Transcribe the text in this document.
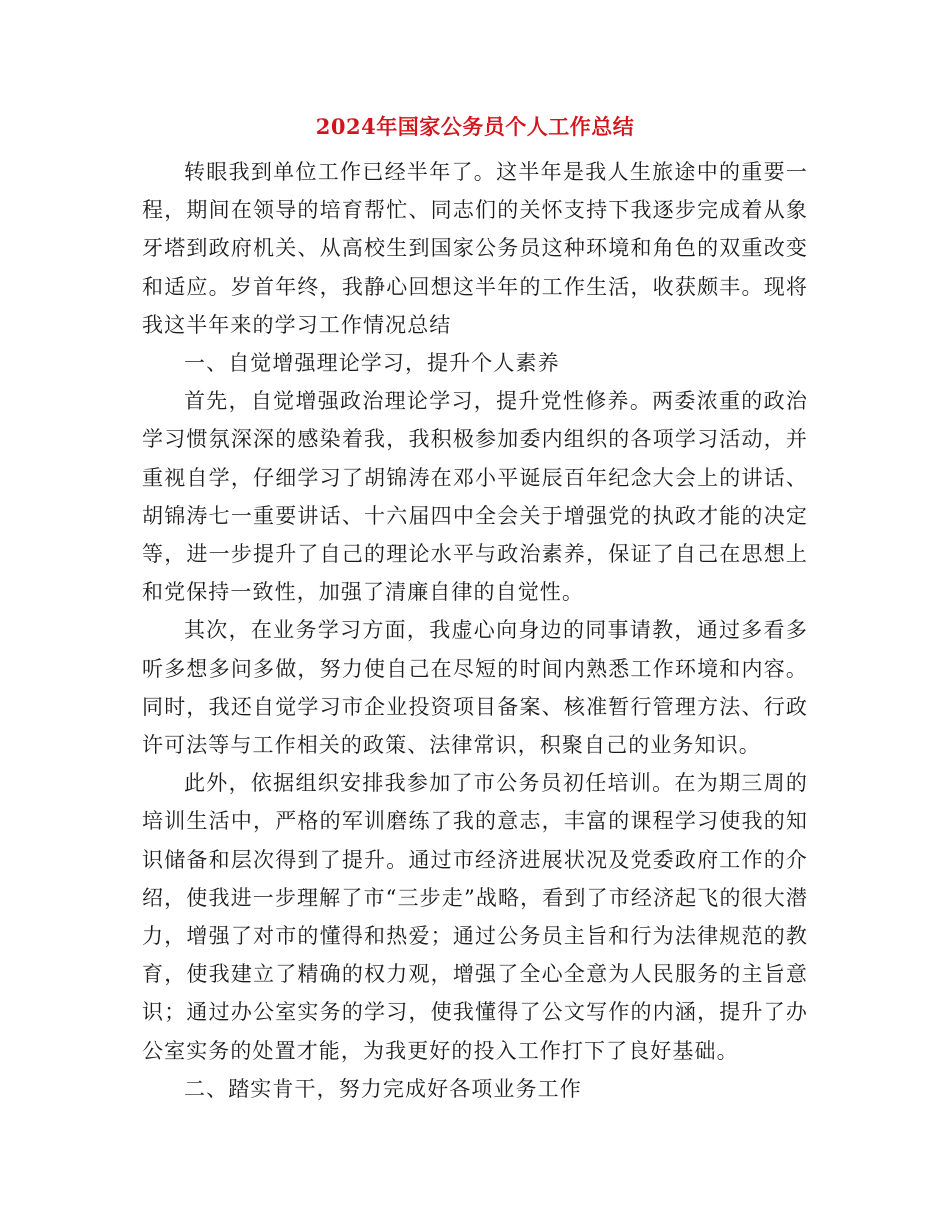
2024年国家公务员个人工作总结

转眼我到单位工作已经半年了。这半年是我人生旅途中的重要一程，期间在领导的培育帮忙、同志们的关怀支持下我逐步完成着从象牙塔到政府机关、从高校生到国家公务员这种环境和角色的双重改变和适应。岁首年终，我静心回想这半年的工作生活，收获颇丰。现将我这半年来的学习工作情况总结

一、自觉增强理论学习，提升个人素养

首先，自觉增强政治理论学习，提升党性修养。两委浓重的政治学习惯氛深深的感染着我，我积极参加委内组织的各项学习活动，并重视自学，仔细学习了胡锦涛在邓小平诞辰百年纪念大会上的讲话、胡锦涛七一重要讲话、十六届四中全会关于增强党的执政才能的决定等，进一步提升了自己的理论水平与政治素养，保证了自己在思想上和党保持一致性，加强了清廉自律的自觉性。

其次，在业务学习方面，我虚心向身边的同事请教，通过多看多听多想多问多做，努力使自己在尽短的时间内熟悉工作环境和内容。同时，我还自觉学习市企业投资项目备案、核准暂行管理方法、行政许可法等与工作相关的政策、法律常识，积聚自己的业务知识。

此外，依据组织安排我参加了市公务员初任培训。在为期三周的培训生活中，严格的军训磨练了我的意志，丰富的课程学习使我的知识储备和层次得到了提升。通过市经济进展状况及党委政府工作的介绍，使我进一步理解了市“三步走”战略，看到了市经济起飞的很大潜力，增强了对市的懂得和热爱；通过公务员主旨和行为法律规范的教育，使我建立了精确的权力观，增强了全心全意为人民服务的主旨意识；通过办公室实务的学习，使我懂得了公文写作的内涵，提升了办公室实务的处置才能，为我更好的投入工作打下了良好基础。

二、踏实肯干，努力完成好各项业务工作
